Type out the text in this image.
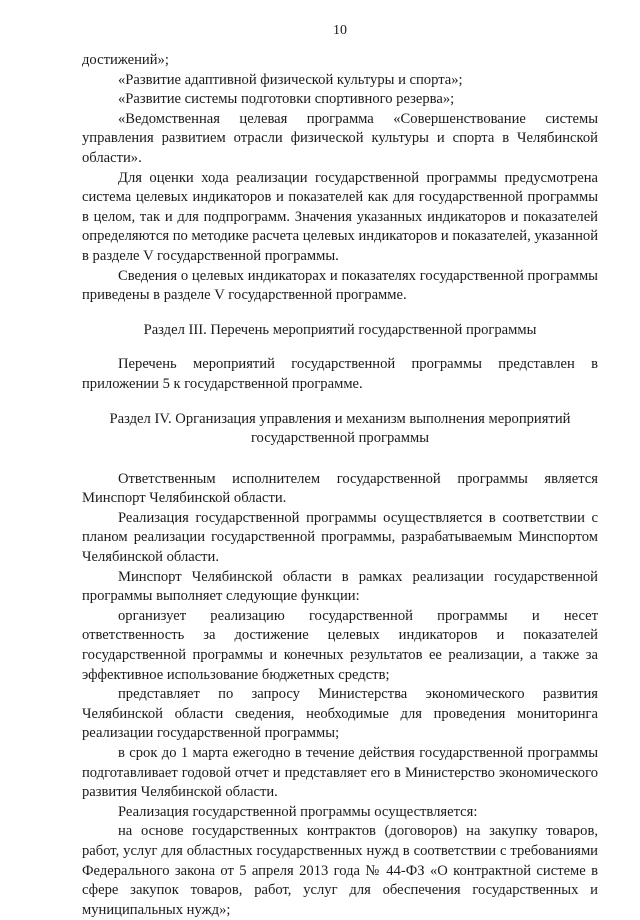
10

достижений»;

«Развитие адаптивной физической культуры и спорта»;

«Развитие системы подготовки спортивного резерва»;

«Ведомственная целевая программа «Совершенствование системы управления развитием отрасли физической культуры и спорта в Челябинской области».

Для оценки хода реализации государственной программы предусмотрена система целевых индикаторов и показателей как для государственной программы в целом, так и для подпрограмм. Значения указанных индикаторов и показателей определяются по методике расчета целевых индикаторов и показателей, указанной в разделе V государственной программы.

Сведения о целевых индикаторах и показателях государственной программы приведены в разделе V государственной программе.

Раздел III. Перечень мероприятий государственной программы

Перечень мероприятий государственной программы представлен в приложении 5 к государственной программе.

Раздел IV. Организация управления и механизм выполнения мероприятий государственной программы

Ответственным исполнителем государственной программы является Минспорт Челябинской области.

Реализация государственной программы осуществляется в соответствии с планом реализации государственной программы, разрабатываемым Минспортом Челябинской области.

Минспорт Челябинской области в рамках реализации государственной программы выполняет следующие функции:

организует реализацию государственной программы и несет ответственность за достижение целевых индикаторов и показателей государственной программы и конечных результатов ее реализации, а также за эффективное использование бюджетных средств;

представляет по запросу Министерства экономического развития Челябинской области сведения, необходимые для проведения мониторинга реализации государственной программы;

в срок до 1 марта ежегодно в течение действия государственной программы подготавливает годовой отчет и представляет его в Министерство экономического развития Челябинской области.

Реализация государственной программы осуществляется:

на основе государственных контрактов (договоров) на закупку товаров, работ, услуг для областных государственных нужд в соответствии с требованиями Федерального закона от 5 апреля 2013 года № 44-ФЗ «О контрактной системе в сфере закупок товаров, работ, услуг для обеспечения государственных и муниципальных нужд»;
